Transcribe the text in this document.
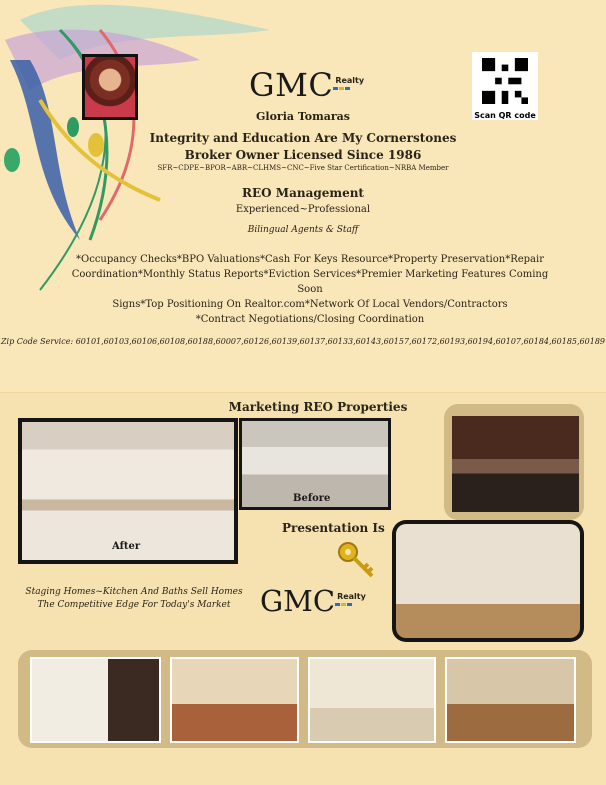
GMC Realty
Scan QR code
Gloria Tomaras
Integrity and Education Are My Cornerstones
Broker Owner Licensed Since 1986
SFR~CDPE~BPOR~ABR~CLHMS~CNC~Five Star Certification~NRBA Member
REO Management
Experienced~Professional
Bilingual Agents & Staff
*Occupancy Checks*BPO Valuations*Cash For Keys Resource*Property Preservation*Repair
Coordination*Monthly Status Reports*Eviction Services*Premier Marketing Features Coming Soon
Signs*Top Positioning On Realtor.com*Network Of Local Vendors/Contractors
*Contract Negotiations/Closing Coordination
Zip Code Service: 60101,60103,60106,60108,60188,60007,60126,60139,60137,60133,60143,60157,60172,60193,60194,60107,60184,60185,60189
Marketing REO Properties
After
Before
Presentation Is
Staging Homes~Kitchen And Baths Sell Homes
The Competitive Edge For Today's Market	GMC Realty
